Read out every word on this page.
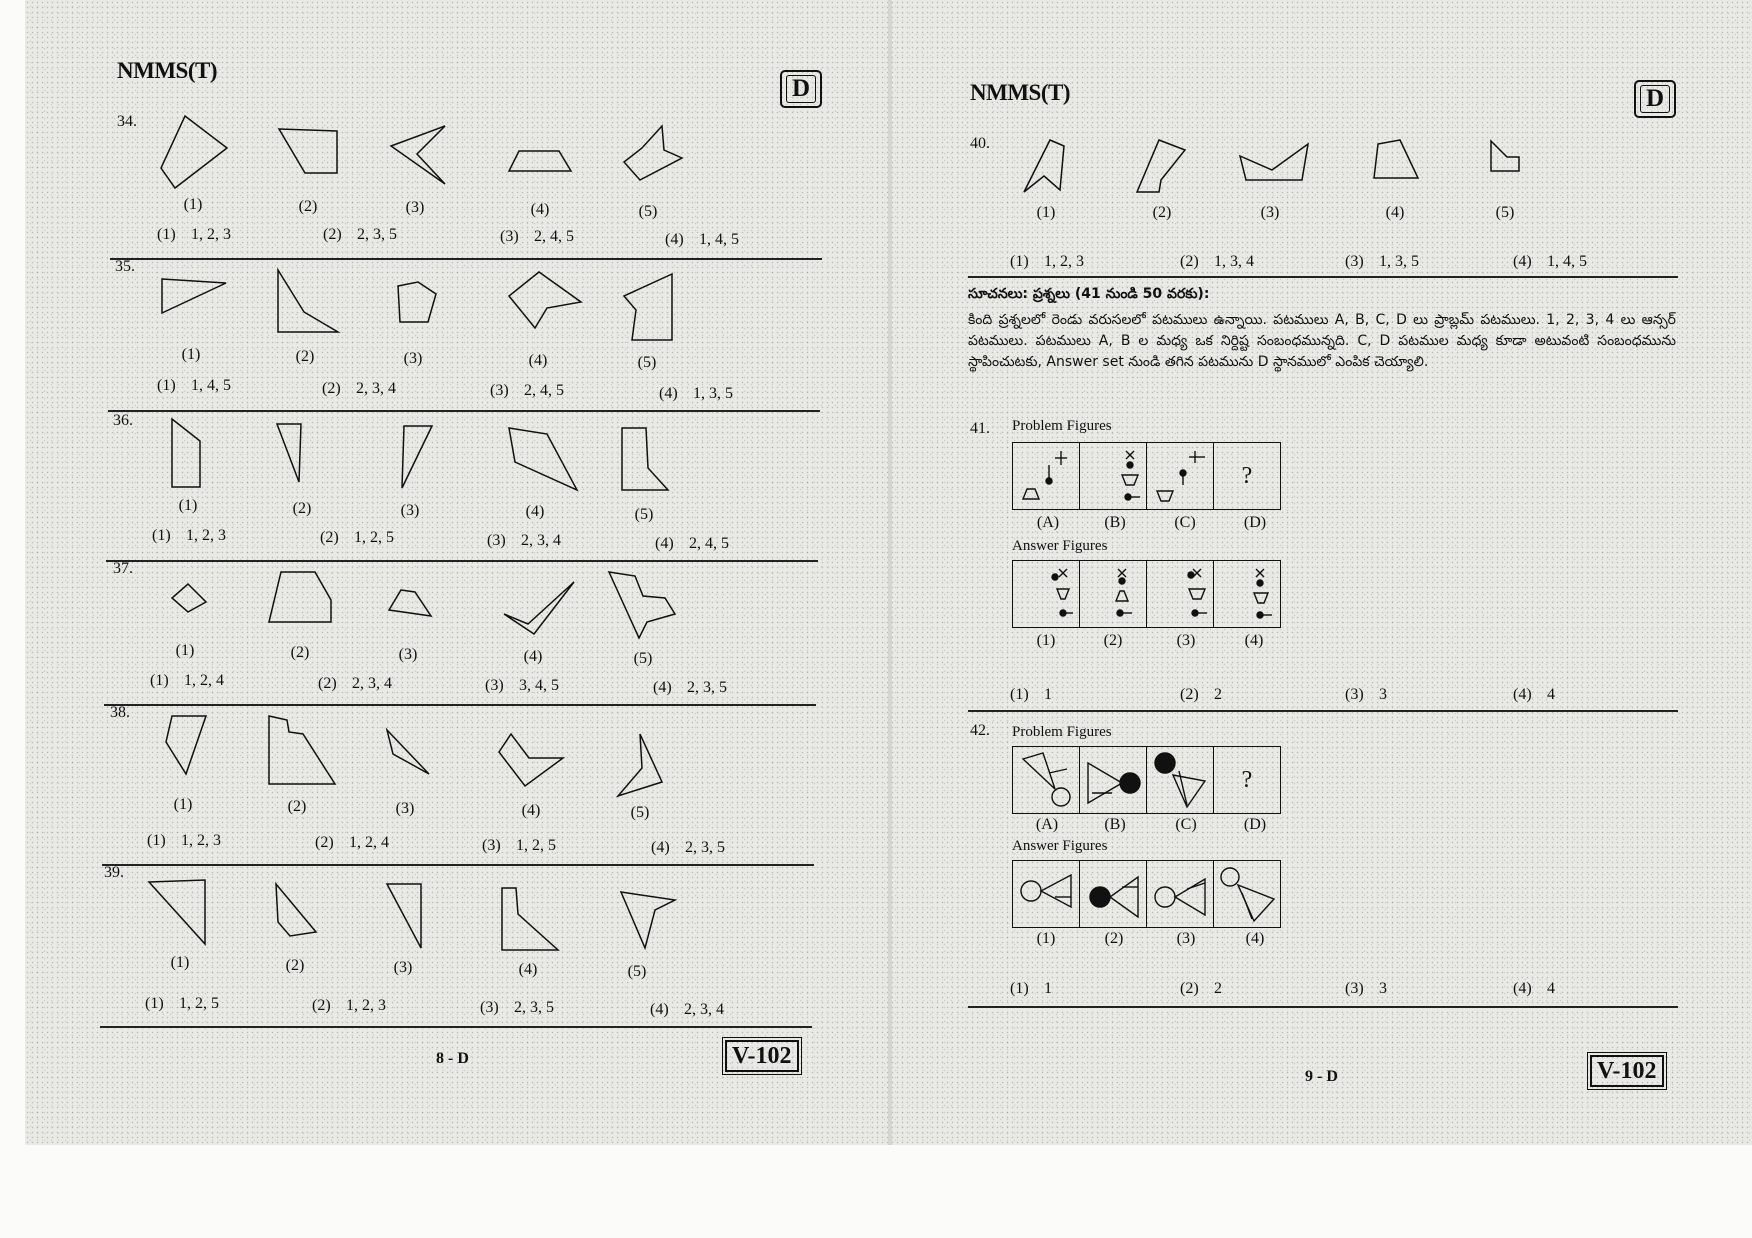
NMMS(T)
D
34.
(1)	(2)	(3)	(4)	(5)
(1) 1, 2, 3	(2) 2, 3, 5	(3) 2, 4, 5	(4) 1, 4, 5
35.
(1)	(2)	(3)	(4)	(5)
(1) 1, 4, 5	(2) 2, 3, 4	(3) 2, 4, 5	(4) 1, 3, 5
36.
(1)	(2)	(3)	(4)	(5)
(1) 1, 2, 3	(2) 1, 2, 5	(3) 2, 3, 4	(4) 2, 4, 5
37.
(1)	(2)	(3)	(4)	(5)
(1) 1, 2, 4	(2) 2, 3, 4	(3) 3, 4, 5	(4) 2, 3, 5
38.
(1)	(2)	(3)	(4)	(5)
(1) 1, 2, 3	(2) 1, 2, 4	(3) 1, 2, 5	(4) 2, 3, 5
39.
(1)	(2)	(3)	(4)	(5)
(1) 1, 2, 5	(2) 1, 2, 3	(3) 2, 3, 5	(4) 2, 3, 4
8 - D	V-102
NMMS(T)	D
40.
(1)	(2)	(3)	(4)	(5)
(1) 1, 2, 3	(2) 1, 3, 4	(3) 1, 3, 5	(4) 1, 4, 5
సూచనలు: ప్రశ్నలు (41 నుండి 50 వరకు):
కింది ప్రశ్నలలో రెండు వరుసలలో పటములు ఉన్నాయి. పటములు A, B, C, D లు ప్రాబ్లమ్ పటములు. 1, 2, 3, 4 లు ఆన్సర్ పటములు. పటములు A, B ల మధ్య ఒక నిర్దిష్ట సంబంధమున్నది. C, D పటముల మధ్య కూడా అటువంటి సంబంధమును స్థాపించుటకు, Answer set నుండి తగిన పటమును D స్థానములో ఎంపిక చెయ్యాలి.
41. Problem Figures
?
(A)	(B)	(C)	(D)
Answer Figures
(1)	(2)	(3)	(4)
(1) 1	(2) 2	(3) 3	(4) 4
42. Problem Figures
?
(A)	(B)	(C)	(D)
Answer Figures
(1)	(2)	(3)	(4)
(1) 1	(2) 2	(3) 3	(4) 4
9 - D	V-102
